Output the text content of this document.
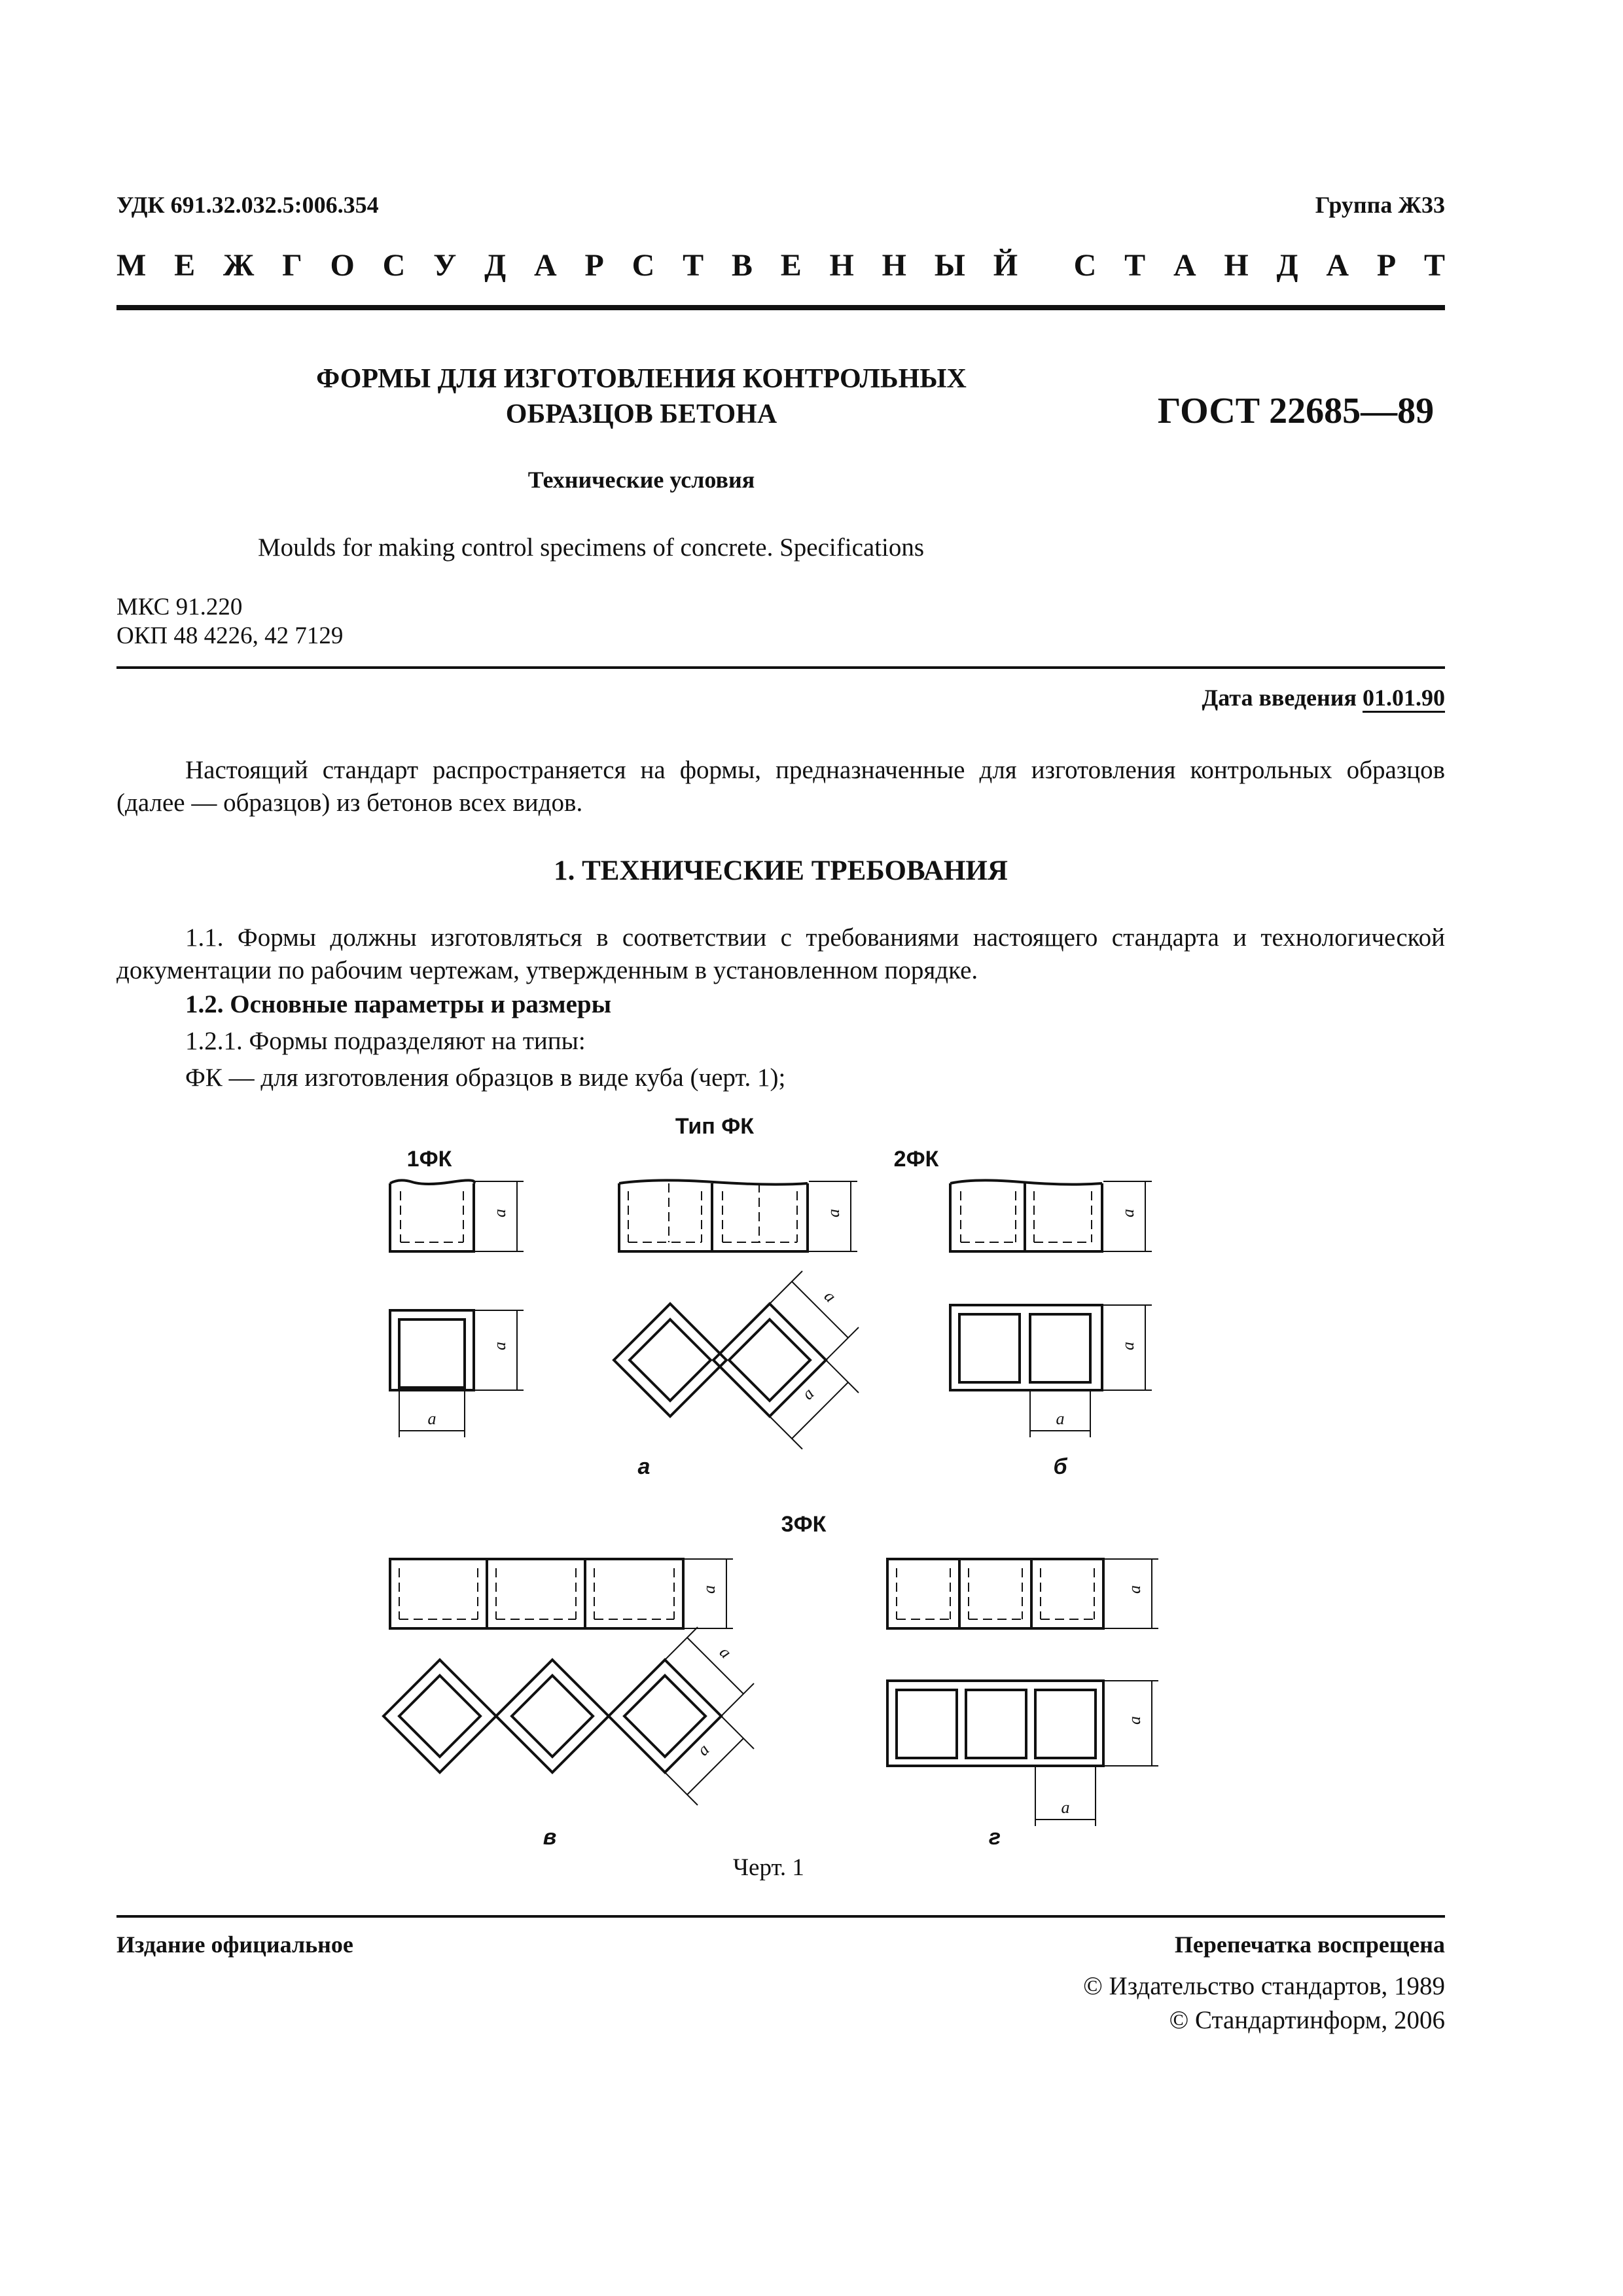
УДК 691.32.032.5:006.354	Группа Ж33
М Е Ж Г О С У Д А Р С Т В Е Н Н Ы Й С Т А Н Д А Р Т
ФОРМЫ ДЛЯ ИЗГОТОВЛЕНИЯ КОНТРОЛЬНЫХ ОБРАЗЦОВ БЕТОНА
Технические условия
ГОСТ 22685—89
Moulds for making control specimens of concrete. Specifications
МКС 91.220
ОКП 48 4226, 42 7129
Дата введения 01.01.90
Настоящий стандарт распространяется на формы, предназначенные для изготовления контрольных образцов (далее — образцов) из бетонов всех видов.
1. ТЕХНИЧЕСКИЕ ТРЕБОВАНИЯ
1.1. Формы должны изготовляться в соответствии с требованиями настоящего стандарта и технологической документации по рабочим чертежам, утвержденным в установленном порядке.
1.2. Основные параметры и размеры
1.2.1. Формы подразделяют на типы:
ФК — для изготовления образцов в виде куба (черт. 1);
Тип ФК
1ФК	2ФК
a
a
a
a
a
a
a
a
a
а	б
3ФК
a
a
a
a
a
a
в	г
Черт. 1
Издание официальное	Перепечатка воспрещена
© Издательство стандартов, 1989
© Стандартинформ, 2006
